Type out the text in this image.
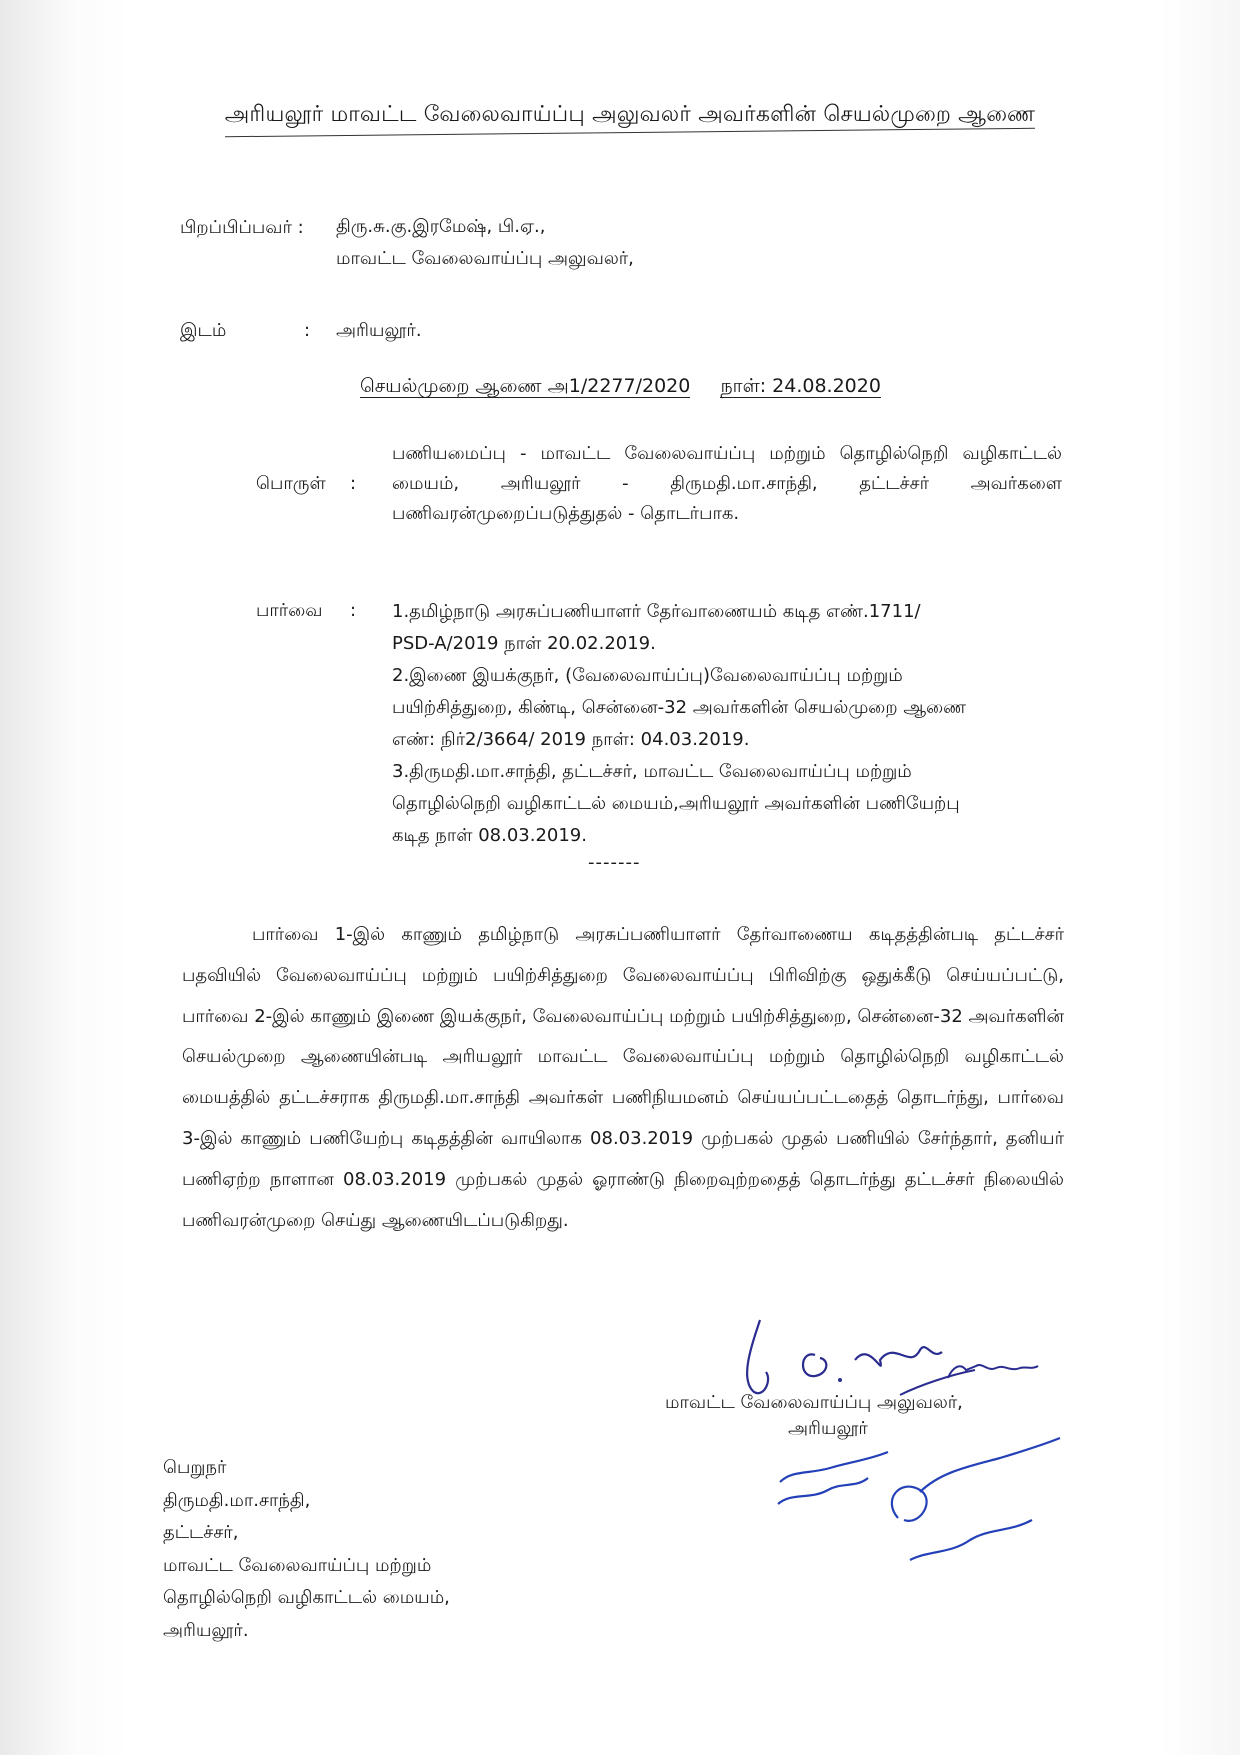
அரியலூர் மாவட்ட வேலைவாய்ப்பு அலுவலர் அவர்களின் செயல்முறை ஆணை
பிறப்பிப்பவர் : திரு.சு.கு.இரமேஷ், பி.ஏ.,
மாவட்ட வேலைவாய்ப்பு அலுவலர்,
இடம்	: அரியலூர்.
செயல்முறை ஆணை அ1/2277/2020 நாள்: 24.08.2020
பொருள் :
பணியமைப்பு - மாவட்ட வேலைவாய்ப்பு மற்றும் தொழில்நெறி வழிகாட்டல் மையம், அரியலூர் - திருமதி.மா.சாந்தி, தட்டச்சர் அவர்களை பணிவரன்முறைப்படுத்துதல் - தொடர்பாக.
பார்வை : 1.தமிழ்நாடு அரசுப்பணியாளர் தேர்வாணையம் கடித எண்.1711/
PSD-A/2019 நாள் 20.02.2019.
2.இணை இயக்குநர், (வேலைவாய்ப்பு)வேலைவாய்ப்பு மற்றும்
பயிற்சித்துறை, கிண்டி, சென்னை-32 அவர்களின் செயல்முறை ஆணை
எண்: நிர்2/3664/ 2019 நாள்: 04.03.2019.
3.திருமதி.மா.சாந்தி, தட்டச்சர், மாவட்ட வேலைவாய்ப்பு மற்றும்
தொழில்நெறி வழிகாட்டல் மையம்,அரியலூர் அவர்களின் பணியேற்பு
கடித நாள் 08.03.2019.
-------
பார்வை 1-இல் காணும் தமிழ்நாடு அரசுப்பணியாளர் தேர்வாணைய கடிதத்தின்படி தட்டச்சர் பதவியில் வேலைவாய்ப்பு மற்றும் பயிற்சித்துறை வேலைவாய்ப்பு பிரிவிற்கு ஒதுக்கீடு செய்யப்பட்டு, பார்வை 2-இல் காணும் இணை இயக்குநர், வேலைவாய்ப்பு மற்றும் பயிற்சித்துறை, சென்னை-32 அவர்களின் செயல்முறை ஆணையின்படி அரியலூர் மாவட்ட வேலைவாய்ப்பு மற்றும் தொழில்நெறி வழிகாட்டல் மையத்தில் தட்டச்சராக திருமதி.மா.சாந்தி அவர்கள் பணிநியமனம் செய்யப்பட்டதைத் தொடர்ந்து, பார்வை 3-இல் காணும் பணியேற்பு கடிதத்தின் வாயிலாக 08.03.2019 முற்பகல் முதல் பணியில் சேர்ந்தார், தனியர் பணிஏற்ற நாளான 08.03.2019 முற்பகல் முதல் ஓராண்டு நிறைவுற்றதைத் தொடர்ந்து தட்டச்சர் நிலையில் பணிவரன்முறை செய்து ஆணையிடப்படுகிறது.
மாவட்ட வேலைவாய்ப்பு அலுவலர்,
அரியலூர்
பெறுநர்
திருமதி.மா.சாந்தி,
தட்டச்சர்,
மாவட்ட வேலைவாய்ப்பு மற்றும்
தொழில்நெறி வழிகாட்டல் மையம்,
அரியலூர்.
